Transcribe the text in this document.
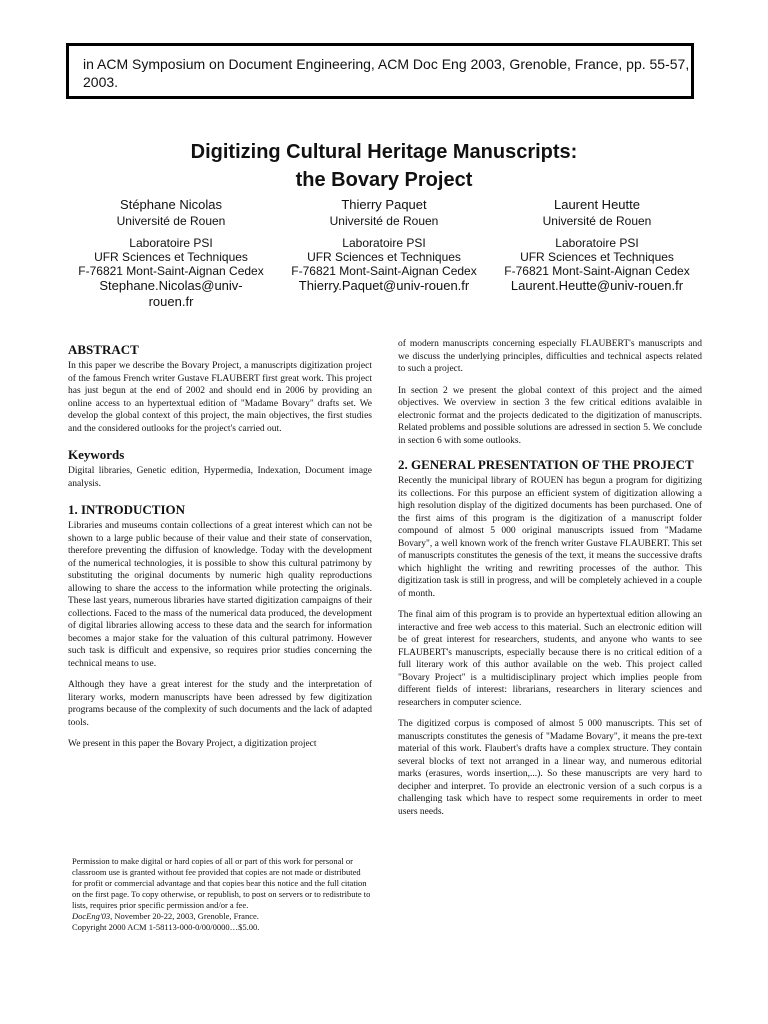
in ACM Symposium on Document Engineering, ACM Doc Eng 2003, Grenoble, France, pp. 55-57, 2003.
Digitizing Cultural Heritage Manuscripts:
the Bovary Project
Stéphane Nicolas
Université de Rouen
Laboratoire PSI
UFR Sciences et Techniques
F-76821 Mont-Saint-Aignan Cedex
Stephane.Nicolas@univ-rouen.fr
Thierry Paquet
Université de Rouen
Laboratoire PSI
UFR Sciences et Techniques
F-76821 Mont-Saint-Aignan Cedex
Thierry.Paquet@univ-rouen.fr
Laurent Heutte
Université de Rouen
Laboratoire PSI
UFR Sciences et Techniques
F-76821 Mont-Saint-Aignan Cedex
Laurent.Heutte@univ-rouen.fr
ABSTRACT

In this paper we describe the Bovary Project, a manuscripts digitization project of the famous French writer Gustave FLAUBERT first great work. This project has just begun at the end of 2002 and should end in 2006 by providing an online access to an hypertextual edition of "Madame Bovary" drafts set. We develop the global context of this project, the main objectives, the first studies and the considered outlooks for the project's carried out.

Keywords

Digital libraries, Genetic edition, Hypermedia, Indexation, Document image analysis.

1. INTRODUCTION

Libraries and museums contain collections of a great interest which can not be shown to a large public because of their value and their state of conservation, therefore preventing the diffusion of knowledge. Today with the development of the numerical technologies, it is possible to show this cultural patrimony by substituting the original documents by numeric high quality reproductions allowing to share the access to the information while protecting the originals. These last years, numerous libraries have started digitization campaigns of their collections. Faced to the mass of the numerical data produced, the development of digital libraries allowing access to these data and the search for information becomes a major stake for the valuation of this cultural patrimony. However such task is difficult and expensive, so requires prior studies concerning the technical means to use.

Although they have a great interest for the study and the interpretation of literary works, modern manuscripts have been adressed by few digitization programs because of the complexity of such documents and the lack of adapted tools.

We present in this paper the Bovary Project, a digitization project

Permission to make digital or hard copies of all or part of this work for personal or classroom use is granted without fee provided that copies are not made or distributed for profit or commercial advantage and that copies bear this notice and the full citation on the first page. To copy otherwise, or republish, to post on servers or to redistribute to lists, requires prior specific permission and/or a fee.
DocEng'03, November 20-22, 2003, Grenoble, France.
Copyright 2000 ACM 1-58113-000-0/00/0000…$5.00.

of modern manuscripts concerning especially FLAUBERT's manuscripts and we discuss the underlying principles, difficulties and technical aspects related to such a project.

In section 2 we present the global context of this project and the aimed objectives. We overview in section 3 the few critical editions avalaible in electronic format and the projects dedicated to the digitization of manuscripts. Related problems and possible solutions are adressed in section 5. We conclude in section 6 with some outlooks.

2. GENERAL PRESENTATION OF THE PROJECT

Recently the municipal library of ROUEN has begun a program for digitizing its collections. For this purpose an efficient system of digitization allowing a high resolution display of the digitized documents has been purchased. One of the first aims of this program is the digitization of a manuscript folder compound of almost 5 000 original manuscripts issued from "Madame Bovary", a well known work of the french writer Gustave FLAUBERT. This set of manuscripts constitutes the genesis of the text, it means the successive drafts which highlight the writing and rewriting processes of the author. This digitization task is still in progress, and will be completely achieved in a couple of month.

The final aim of this program is to provide an hypertextual edition allowing an interactive and free web access to this material. Such an electronic edition will be of great interest for researchers, students, and anyone who wants to see FLAUBERT's manuscripts, especially because there is no critical edition of a full literary work of this author available on the web. This project called "Bovary Project" is a multidisciplinary project which implies people from different fields of interest: librarians, researchers in literary sciences and researchers in computer science.

The digitized corpus is composed of almost 5 000 manuscripts. This set of manuscripts constitutes the genesis of "Madame Bovary", it means the pre-text material of this work. Flaubert's drafts have a complex structure. They contain several blocks of text not arranged in a linear way, and numerous editorial marks (erasures, words insertion,...). So these manuscripts are very hard to decipher and interpret. To provide an electronic version of a such corpus is a challenging task which have to respect some requirements in order to meet users needs.
